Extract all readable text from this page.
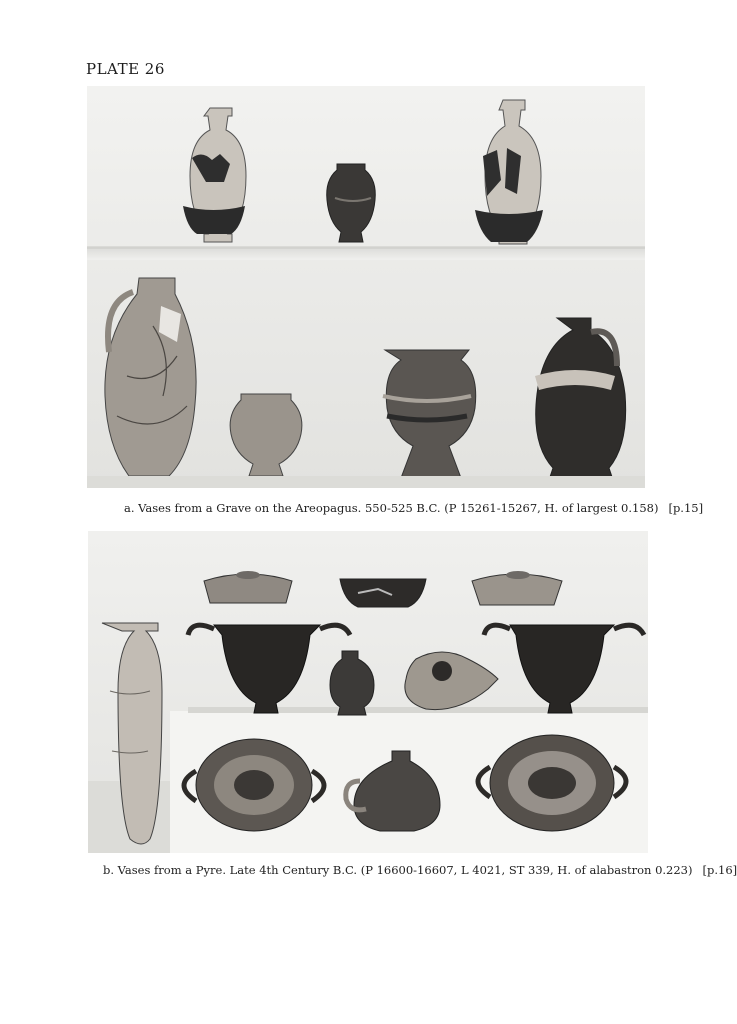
PLATE 26
a. Vases from a Grave on the Areopagus. 550-525 B.C. (P 15261-15267, H. of largest 0.158) [p.15]
b. Vases from a Pyre. Late 4th Century B.C. (P 16600-16607, L 4021, ST 339, H. of alabastron 0.223) [p.16]
